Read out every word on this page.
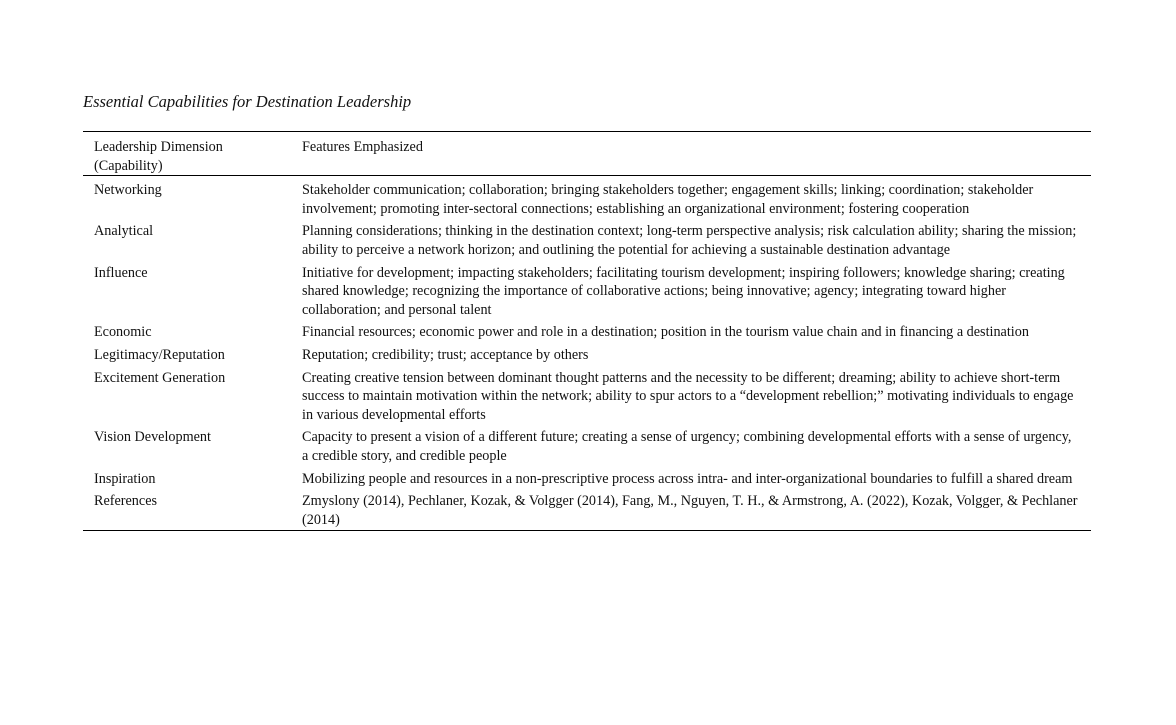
Essential Capabilities for Destination Leadership
Leadership Dimension
(Capability)	Features Emphasized
Networking	Stakeholder communication; collaboration; bringing stakeholders together; engagement skills; linking; coordination; stakeholder involvement; promoting inter-sectoral connections; establishing an organizational environment; fostering cooperation
Analytical	Planning considerations; thinking in the destination context; long-term perspective analysis; risk calculation ability; sharing the mission; ability to perceive a network horizon; and outlining the potential for achieving a sustainable destination advantage
Influence	Initiative for development; impacting stakeholders; facilitating tourism development; inspiring followers; knowledge sharing; creating shared knowledge; recognizing the importance of collaborative actions; being innovative; agency; integrating toward higher collaboration; and personal talent
Economic	Financial resources; economic power and role in a destination; position in the tourism value chain and in financing a destination
Legitimacy/Reputation	Reputation; credibility; trust; acceptance by others
Excitement Generation	Creating creative tension between dominant thought patterns and the necessity to be different; dreaming; ability to achieve short-term success to maintain motivation within the network; ability to spur actors to a “development rebellion;” motivating individuals to engage in various developmental efforts
Vision Development	Capacity to present a vision of a different future; creating a sense of urgency; combining developmental efforts with a sense of urgency, a credible story, and credible people
Inspiration	Mobilizing people and resources in a non-prescriptive process across intra- and inter-organizational boundaries to fulfill a shared dream
References	Zmyslony (2014), Pechlaner, Kozak, & Volgger (2014), Fang, M., Nguyen, T. H., & Armstrong, A. (2022), Kozak, Volgger, & Pechlaner (2014)
